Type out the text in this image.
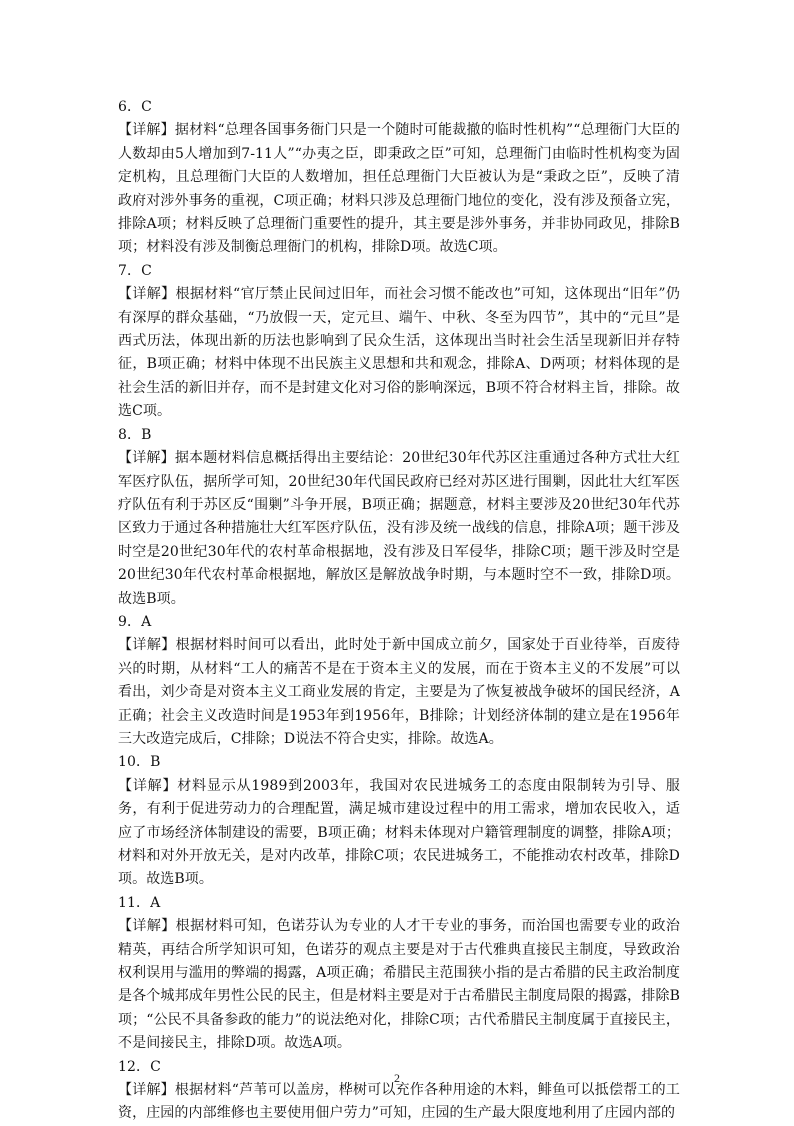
6．C

【详解】据材料“总理各国事务衙门只是一个随时可能裁撤的临时性机构”“总理衙门大臣的人数却由5人增加到7-11人”“办夷之臣，即秉政之臣”可知，总理衙门由临时性机构变为固定机构，且总理衙门大臣的人数增加，担任总理衙门大臣被认为是“秉政之臣”，反映了清政府对涉外事务的重视，C项正确；材料只涉及总理衙门地位的变化，没有涉及预备立宪，排除A项；材料反映了总理衙门重要性的提升，其主要是涉外事务，并非协同政见，排除B项；材料没有涉及制衡总理衙门的机构，排除D项。故选C项。

7．C

【详解】根据材料“官厅禁止民间过旧年，而社会习惯不能改也”可知，这体现出“旧年”仍有深厚的群众基础，“乃放假一天，定元旦、端午、中秋、冬至为四节”，其中的“元旦”是西式历法，体现出新的历法也影响到了民众生活，这体现出当时社会生活呈现新旧并存特征，B项正确；材料中体现不出民族主义思想和共和观念，排除A、D两项；材料体现的是社会生活的新旧并存，而不是封建文化对习俗的影响深远，B项不符合材料主旨，排除。故选C项。

8．B

【详解】据本题材料信息概括得出主要结论：20世纪30年代苏区注重通过各种方式壮大红军医疗队伍，据所学可知，20世纪30年代国民政府已经对苏区进行围剿，因此壮大红军医疗队伍有利于苏区反“围剿”斗争开展，B项正确；据题意，材料主要涉及20世纪30年代苏区致力于通过各种措施壮大红军医疗队伍，没有涉及统一战线的信息，排除A项；题干涉及时空是20世纪30年代的农村革命根据地，没有涉及日军侵华，排除C项；题干涉及时空是20世纪30年代农村革命根据地，解放区是解放战争时期，与本题时空不一致，排除D项。故选B项。

9．A

【详解】根据材料时间可以看出，此时处于新中国成立前夕，国家处于百业待举，百废待兴的时期，从材料“工人的痛苦不是在于资本主义的发展，而在于资本主义的不发展”可以看出，刘少奇是对资本主义工商业发展的肯定，主要是为了恢复被战争破坏的国民经济，A正确；社会主义改造时间是1953年到1956年，B排除；计划经济体制的建立是在1956年三大改造完成后，C排除；D说法不符合史实，排除。故选A。

10．B

【详解】材料显示从1989到2003年，我国对农民进城务工的态度由限制转为引导、服务，有利于促进劳动力的合理配置，满足城市建设过程中的用工需求，增加农民收入，适应了市场经济体制建设的需要，B项正确；材料未体现对户籍管理制度的调整，排除A项；材料和对外开放无关，是对内改革，排除C项；农民进城务工，不能推动农村改革，排除D项。故选B项。

11．A

【详解】根据材料可知，色诺芬认为专业的人才干专业的事务，而治国也需要专业的政治精英，再结合所学知识可知，色诺芬的观点主要是对于古代雅典直接民主制度，导致政治权利误用与滥用的弊端的揭露，A项正确；希腊民主范围狭小指的是古希腊的民主政治制度是各个城邦成年男性公民的民主，但是材料主要是对于古希腊民主制度局限的揭露，排除B项；“公民不具备参政的能力”的说法绝对化，排除C项；古代希腊民主制度属于直接民主，不是间接民主，排除D项。故选A项。

12．C

【详解】根据材料“芦苇可以盖房，桦树可以充作各种用途的木料，鲱鱼可以抵偿帮工的工资，庄园的内部维修也主要使用佃户劳力”可知，庄园的生产最大限度地利用了庄园内部的

2
